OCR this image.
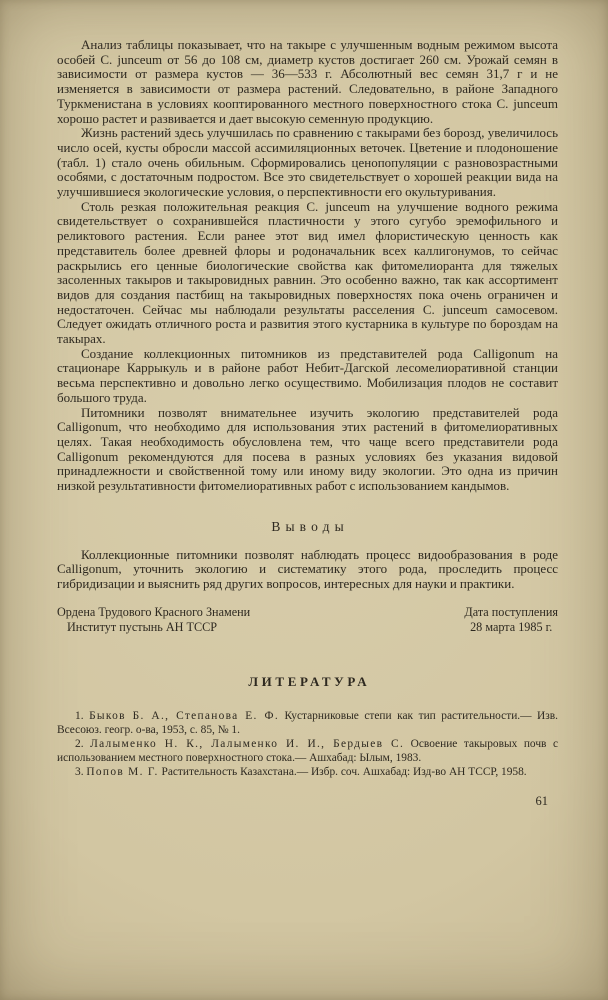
Анализ таблицы показывает, что на такыре с улучшенным водным режимом высота особей C. junceum от 56 до 108 см, диаметр кустов достигает 260 см. Урожай семян в зависимости от размера кустов — 36—533 г. Абсолютный вес семян 31,7 г и не изменяется в зависимости от размера растений. Следовательно, в районе Западного Туркменистана в условиях кооптированного местного поверхностного стока C. junceum хорошо растет и развивается и дает высокую семенную продукцию.

Жизнь растений здесь улучшилась по сравнению с такырами без борозд, увеличилось число осей, кусты обросли массой ассимиляционных веточек. Цветение и плодоношение (табл. 1) стало очень обильным. Сформировались ценопопуляции с разновозрастными особями, с достаточным подростом. Все это свидетельствует о хорошей реакции вида на улучшившиеся экологические условия, о перспективности его окультуривания.

Столь резкая положительная реакция C. junceum на улучшение водного режима свидетельствует о сохранившейся пластичности у этого сугубо эремофильного и реликтового растения. Если ранее этот вид имел флористическую ценность как представитель более древней флоры и родоначальник всех каллигонумов, то сейчас раскрылись его ценные биологические свойства как фитомелиоранта для тяжелых засоленных такыров и такыровидных равнин. Это особенно важно, так как ассортимент видов для создания пастбищ на такыровидных поверхностях пока очень ограничен и недостаточен. Сейчас мы наблюдали результаты расселения C. junceum самосевом. Следует ожидать отличного роста и развития этого кустарника в культуре по бороздам на такырах.

Создание коллекционных питомников из представителей рода Calligonum на стационаре Каррыкуль и в районе работ Небит-Дагской лесомелиоративной станции весьма перспективно и довольно легко осуществимо. Мобилизация плодов не составит большого труда.

Питомники позволят внимательнее изучить экологию представителей рода Calligonum, что необходимо для использования этих растений в фитомелиоративных целях. Такая необходимость обусловлена тем, что чаще всего представители рода Calligonum рекомендуются для посева в разных условиях без указания видовой принадлежности и свойственной тому или иному виду экологии. Это одна из причин низкой результативности фитомелиоративных работ с использованием кандымов.

Выводы

Коллекционные питомники позволят наблюдать процесс видообразования в роде Calligonum, уточнить экологию и систематику этого рода, проследить процесс гибридизации и выяснить ряд других вопросов, интересных для науки и практики.

Ордена Трудового Красного Знамени
Институт пустынь АН ТССР
Дата поступления
28 марта 1985 г.
ЛИТЕРАТУРА

1. Быков Б. А., Степанова Е. Ф. Кустарниковые степи как тип растительности.— Изв. Всесоюз. геогр. о-ва, 1953, с. 85, № 1.

2. Лалыменко Н. К., Лалыменко И. И., Бердыев С. Освоение такыровых почв с использованием местного поверхностного стока.— Ашхабад: Ылым, 1983.

3. Попов М. Г. Растительность Казахстана.— Избр. соч. Ашхабад: Изд-во АН ТССР, 1958.

61
